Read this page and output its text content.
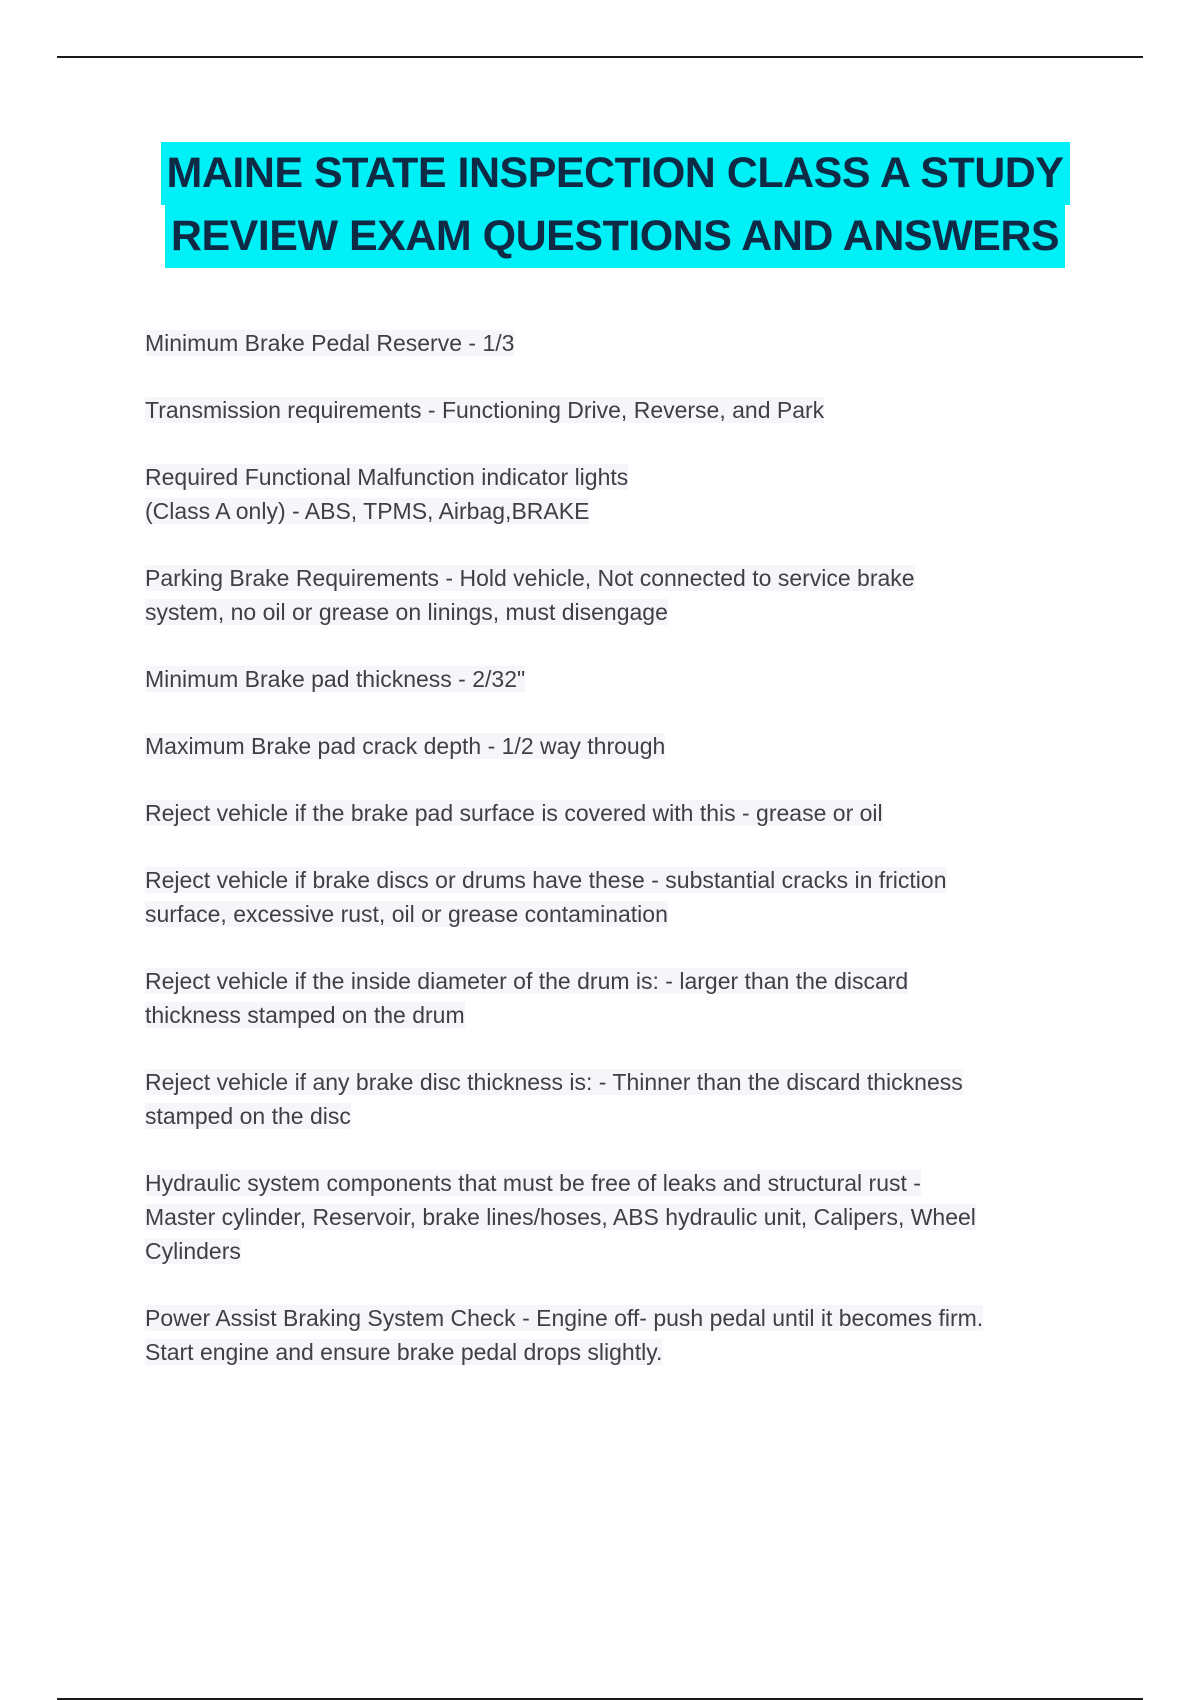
MAINE STATE INSPECTION CLASS A STUDY
REVIEW EXAM QUESTIONS AND ANSWERS
Minimum Brake Pedal Reserve - 1/3
Transmission requirements - Functioning Drive, Reverse, and Park
Required Functional Malfunction indicator lights
(Class A only) - ABS, TPMS, Airbag,BRAKE
Parking Brake Requirements - Hold vehicle, Not connected to service brake
system, no oil or grease on linings, must disengage
Minimum Brake pad thickness - 2/32"
Maximum Brake pad crack depth - 1/2 way through
Reject vehicle if the brake pad surface is covered with this - grease or oil
Reject vehicle if brake discs or drums have these - substantial cracks in friction
surface, excessive rust, oil or grease contamination
Reject vehicle if the inside diameter of the drum is: - larger than the discard
thickness stamped on the drum
Reject vehicle if any brake disc thickness is: - Thinner than the discard thickness
stamped on the disc
Hydraulic system components that must be free of leaks and structural rust -
Master cylinder, Reservoir, brake lines/hoses, ABS hydraulic unit, Calipers, Wheel
Cylinders
Power Assist Braking System Check - Engine off- push pedal until it becomes firm.
Start engine and ensure brake pedal drops slightly.
